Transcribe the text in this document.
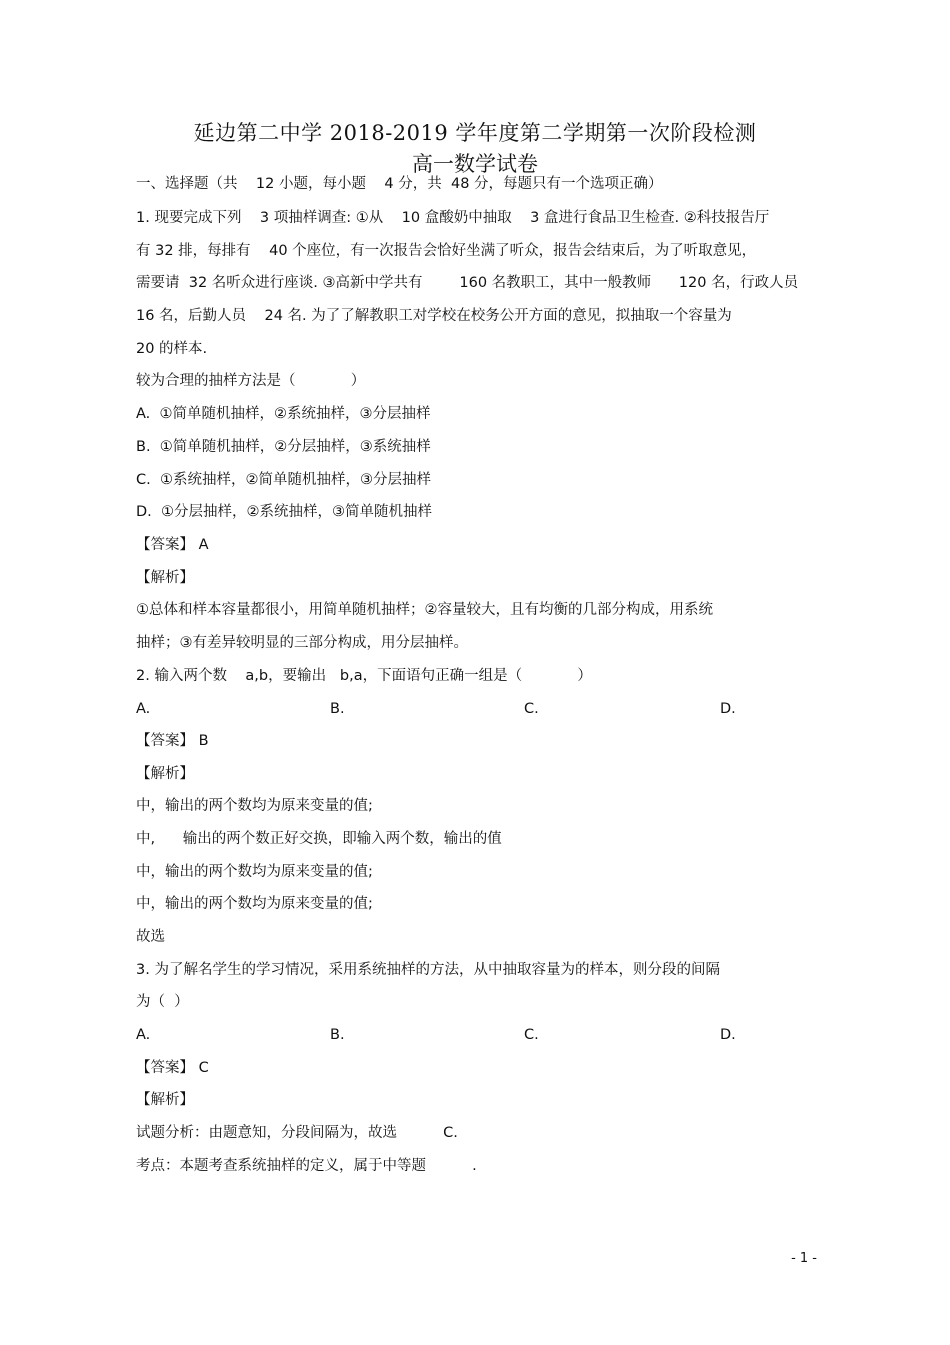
延边第二中学 2018-2019 学年度第二学期第一次阶段检测
高一数学试卷
一、选择题（共    12 小题，每小题    4 分，共  48 分，每题只有一个选项正确）
1. 现要完成下列    3 项抽样调查: ①从    10 盒酸奶中抽取    3 盒进行食品卫生检查. ②科技报告厅
有 32 排，每排有    40 个座位，有一次报告会恰好坐满了听众，报告会结束后，为了听取意见，
需要请  32 名听众进行座谈. ③高新中学共有        160 名教职工，其中一般教师      120 名，行政人员
16 名，后勤人员    24 名. 为了了解教职工对学校在校务公开方面的意见，拟抽取一个容量为
20 的样本.
较为合理的抽样方法是（            ）
A.  ①简单随机抽样，②系统抽样，③分层抽样
B.  ①简单随机抽样，②分层抽样，③系统抽样
C.  ①系统抽样，②简单随机抽样，③分层抽样
D.  ①分层抽样，②系统抽样，③简单随机抽样
【答案】 A
【解析】
①总体和样本容量都很小，用简单随机抽样；②容量较大，且有均衡的几部分构成，用系统
抽样；③有差异较明显的三部分构成，用分层抽样。
2. 输入两个数    a,b，要输出   b,a，下面语句正确一组是（            ）
A.	B.	C.	D.
【答案】 B
【解析】
中，输出的两个数均为原来变量的值;
中,      输出的两个数正好交换，即输入两个数，输出的值
中，输出的两个数均为原来变量的值;
中，输出的两个数均为原来变量的值;
故选
3. 为了解名学生的学习情况，采用系统抽样的方法，从中抽取容量为的样本，则分段的间隔
为（  ）
A.	B.	C.	D.
【答案】 C
【解析】
试题分析：由题意知，分段间隔为，故选          C.
考点：本题考查系统抽样的定义，属于中等题          .
- 1 -
